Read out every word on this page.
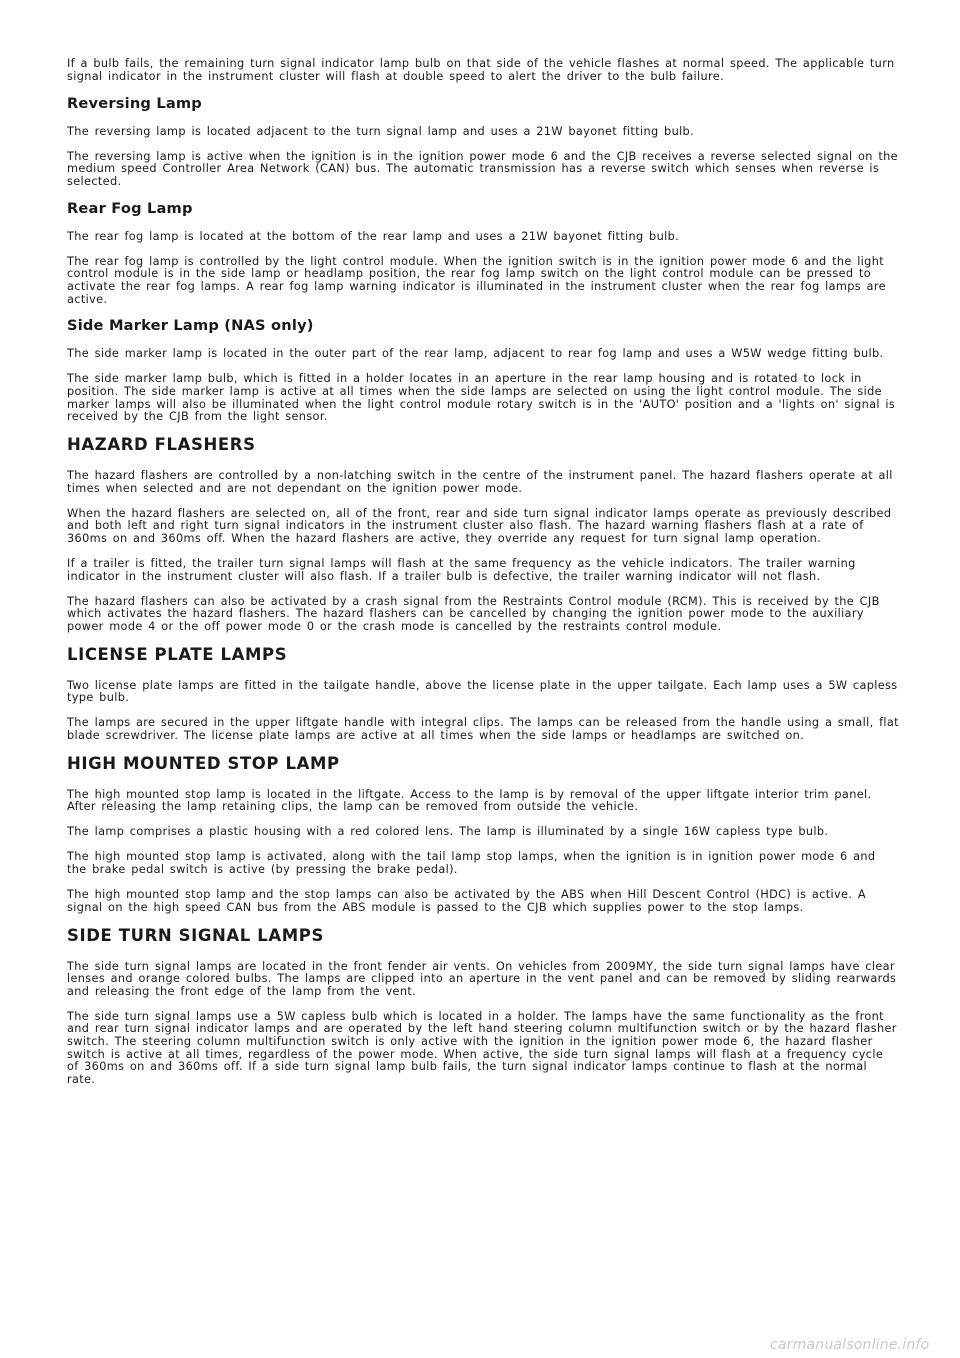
If a bulb fails, the remaining turn signal indicator lamp bulb on that side of the vehicle flashes at normal speed. The applicable turn signal indicator in the instrument cluster will flash at double speed to alert the driver to the bulb failure.

Reversing Lamp

The reversing lamp is located adjacent to the turn signal lamp and uses a 21W bayonet fitting bulb.

The reversing lamp is active when the ignition is in the ignition power mode 6 and the CJB receives a reverse selected signal on the medium speed Controller Area Network (CAN) bus. The automatic transmission has a reverse switch which senses when reverse is selected.

Rear Fog Lamp

The rear fog lamp is located at the bottom of the rear lamp and uses a 21W bayonet fitting bulb.

The rear fog lamp is controlled by the light control module. When the ignition switch is in the ignition power mode 6 and the light control module is in the side lamp or headlamp position, the rear fog lamp switch on the light control module can be pressed to activate the rear fog lamps. A rear fog lamp warning indicator is illuminated in the instrument cluster when the rear fog lamps are active.

Side Marker Lamp (NAS only)

The side marker lamp is located in the outer part of the rear lamp, adjacent to rear fog lamp and uses a W5W wedge fitting bulb.

The side marker lamp bulb, which is fitted in a holder locates in an aperture in the rear lamp housing and is rotated to lock in position. The side marker lamp is active at all times when the side lamps are selected on using the light control module. The side marker lamps will also be illuminated when the light control module rotary switch is in the 'AUTO' position and a 'lights on' signal is received by the CJB from the light sensor.

HAZARD FLASHERS

The hazard flashers are controlled by a non-latching switch in the centre of the instrument panel. The hazard flashers operate at all times when selected and are not dependant on the ignition power mode.

When the hazard flashers are selected on, all of the front, rear and side turn signal indicator lamps operate as previously described and both left and right turn signal indicators in the instrument cluster also flash. The hazard warning flashers flash at a rate of 360ms on and 360ms off. When the hazard flashers are active, they override any request for turn signal lamp operation.

If a trailer is fitted, the trailer turn signal lamps will flash at the same frequency as the vehicle indicators. The trailer warning indicator in the instrument cluster will also flash. If a trailer bulb is defective, the trailer warning indicator will not flash.

The hazard flashers can also be activated by a crash signal from the Restraints Control module (RCM). This is received by the CJB which activates the hazard flashers. The hazard flashers can be cancelled by changing the ignition power mode to the auxiliary power mode 4 or the off power mode 0 or the crash mode is cancelled by the restraints control module.

LICENSE PLATE LAMPS

Two license plate lamps are fitted in the tailgate handle, above the license plate in the upper tailgate. Each lamp uses a 5W capless type bulb.

The lamps are secured in the upper liftgate handle with integral clips. The lamps can be released from the handle using a small, flat blade screwdriver. The license plate lamps are active at all times when the side lamps or headlamps are switched on.

HIGH MOUNTED STOP LAMP

The high mounted stop lamp is located in the liftgate. Access to the lamp is by removal of the upper liftgate interior trim panel. After releasing the lamp retaining clips, the lamp can be removed from outside the vehicle.

The lamp comprises a plastic housing with a red colored lens. The lamp is illuminated by a single 16W capless type bulb.

The high mounted stop lamp is activated, along with the tail lamp stop lamps, when the ignition is in ignition power mode 6 and the brake pedal switch is active (by pressing the brake pedal).

The high mounted stop lamp and the stop lamps can also be activated by the ABS when Hill Descent Control (HDC) is active. A signal on the high speed CAN bus from the ABS module is passed to the CJB which supplies power to the stop lamps.

SIDE TURN SIGNAL LAMPS

The side turn signal lamps are located in the front fender air vents. On vehicles from 2009MY, the side turn signal lamps have clear lenses and orange colored bulbs. The lamps are clipped into an aperture in the vent panel and can be removed by sliding rearwards and releasing the front edge of the lamp from the vent.

The side turn signal lamps use a 5W capless bulb which is located in a holder. The lamps have the same functionality as the front and rear turn signal indicator lamps and are operated by the left hand steering column multifunction switch or by the hazard flasher switch. The steering column multifunction switch is only active with the ignition in the ignition power mode 6, the hazard flasher switch is active at all times, regardless of the power mode. When active, the side turn signal lamps will flash at a frequency cycle of 360ms on and 360ms off. If a side turn signal lamp bulb fails, the turn signal indicator lamps continue to flash at the normal rate.

carmanualsonline.info
